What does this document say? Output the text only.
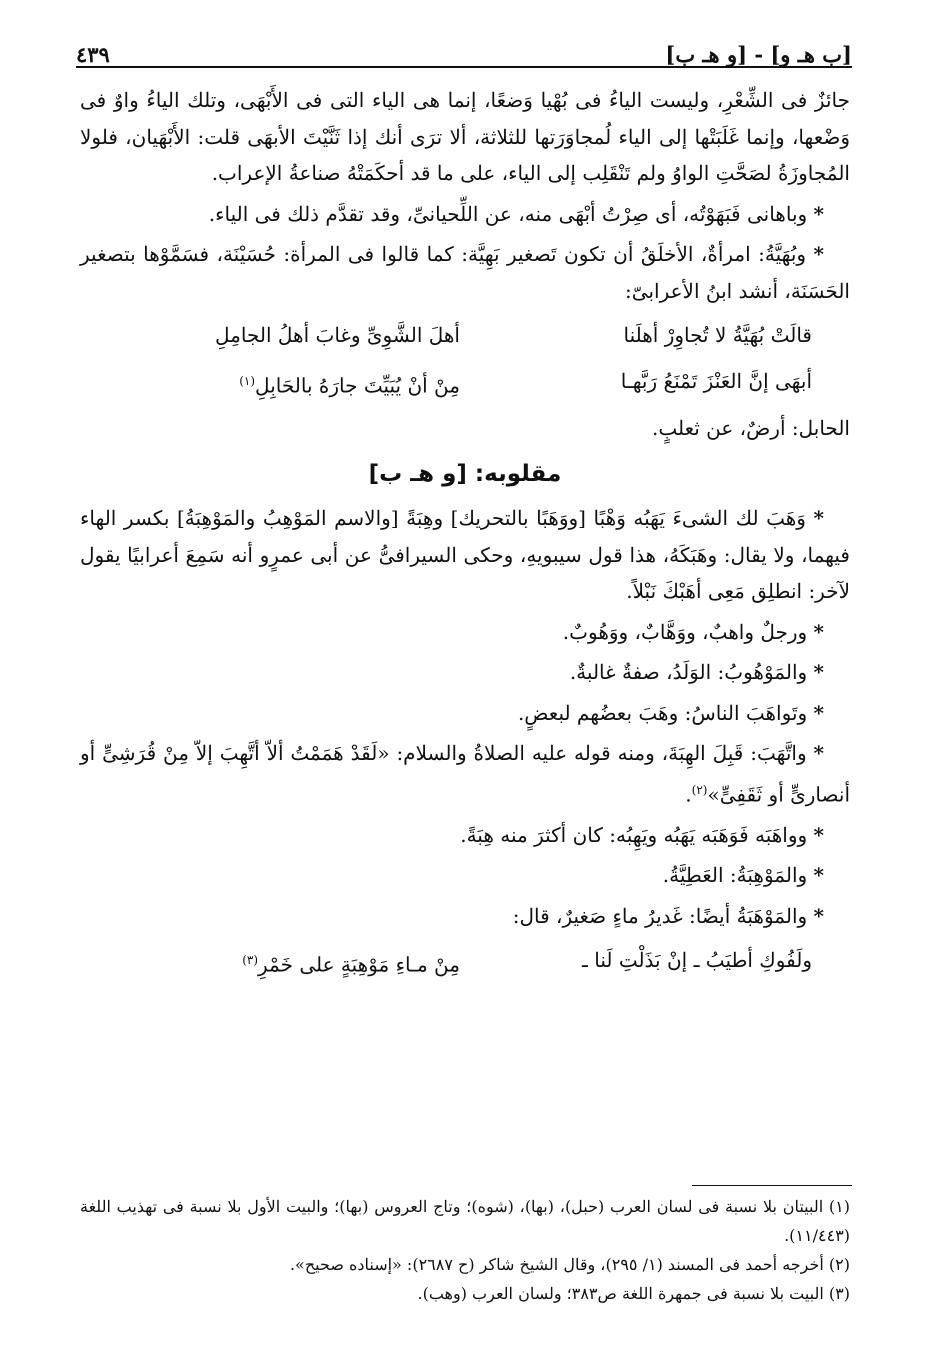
[ب هـ و] - [و هـ ب]
٤٣٩

جائزٌ فى الشِّعْرِ، وليست الياءُ فى بُهْيا وَضعًا، إنما هى الياء التى فى الأَبْهَى، وتلك الياءُ واوٌ فى وَضْعها، وإنما غَلَبَتْها إلى الياء لُمجاوَرَتها للثلاثة، ألا ترَى أنك إذا ثَنَّيْتَ الأبهَى قلت: الأَبْهَيان، فلولا المُجاوزَةُ لصَحَّتِ الواوُ ولم تَنْقَلِب إلى الياء، على ما قد أحكَمَتْهُ صناعةُ الإعراب.

* وباهانى فَبَهَوْتُه، أى صِرْتُ أبْهَى منه، عن اللِّحيانىِّ، وقد تقدَّم ذلك فى الياء.

* وبُهَيَّةُ: امرأةٌ، الأخلَقُ أن تكون تَصغير بَهِيَّة: كما قالوا فى المرأة: حُسَيْنَة، فسَمَّوْها بتصغير الحَسَنَة، أنشد ابنُ الأعرابىّ:

قالَتْ بُهَيَّةُ لا تُجاوِرْ أهلَنا
أهلَ الشَّوِىِّ وغابَ أهلُ الجامِلِ
أبهَى إنَّ العَنْزَ تَمْنَعُ رَبَّهـا
مِنْ أنْ يُبَيِّتَ جارَهُ بالحَابِلِ$^{(١)}$

الحابل: أرضٌ، عن ثعلبٍ.

مقلوبه: [و هـ ب]

* وَهَبَ لك الشىءَ يَهَبُه وَهْبًا [ووَهَبًا بالتحريك] وهِبَةً [والاسم المَوْهِبُ والمَوْهِبَةُ] بكسر الهاء فيهما، ولا يقال: وهَبَكَهُ، هذا قول سيبويهِ، وحكى السيرافىُّ عن أبى عمرٍو أنه سَمِعَ أعرابيًا يقول لآخر: انطلِق مَعِى أهَبْكَ نَبْلاً.

* ورجلٌ واهبٌ، ووَهَّابٌ، ووَهُوبٌ.

* والمَوْهُوبُ: الوَلَدُ، صفةٌ غالبةٌ.

* وتَواهَبَ الناسُ: وهَبَ بعضُهم لبعضٍ.

* واتَّهَبَ: قَبِلَ الهِبَةَ، ومنه قوله عليه الصلاةُ والسلام: «لَقَدْ هَمَمْتُ ألاّ أتَّهِبَ إلاّ مِنْ قُرَشِىٍّ أو أنصارىٍّ أو ثَقَفِىٍّ»$^{(٢)}$.

* وواهَبَه فَوَهَبَه يَهَبُه ويَهِبُه: كان أكثرَ منه هِبَةً.

* والمَوْهِبَةُ: العَطِيَّةُ.

* والمَوْهَبَةُ أيضًا: غَديرُ ماءٍ صَغيرٌ، قال:

ولَفُوكِ أطيَبُ ـ إنْ بَذَلْتِ لَنا ـ
مِنْ مـاءِ مَوْهِبَةٍ على خَمْرِ$^{(٣)}$

(١) البيتان بلا نسبة فى لسان العرب (حبل)، (بها)، (شوه)؛ وتاج العروس (بها)؛ والبيت الأول بلا نسبة فى تهذيب اللغة (١١/٤٤٣).

(٢) أخرجه أحمد فى المسند (١/ ٢٩٥)، وقال الشيخ شاكر (ح ٢٦٨٧): «إسناده صحيح».

(٣) البيت بلا نسبة فى جمهرة اللغة ص٣٨٣؛ ولسان العرب (وهب).
